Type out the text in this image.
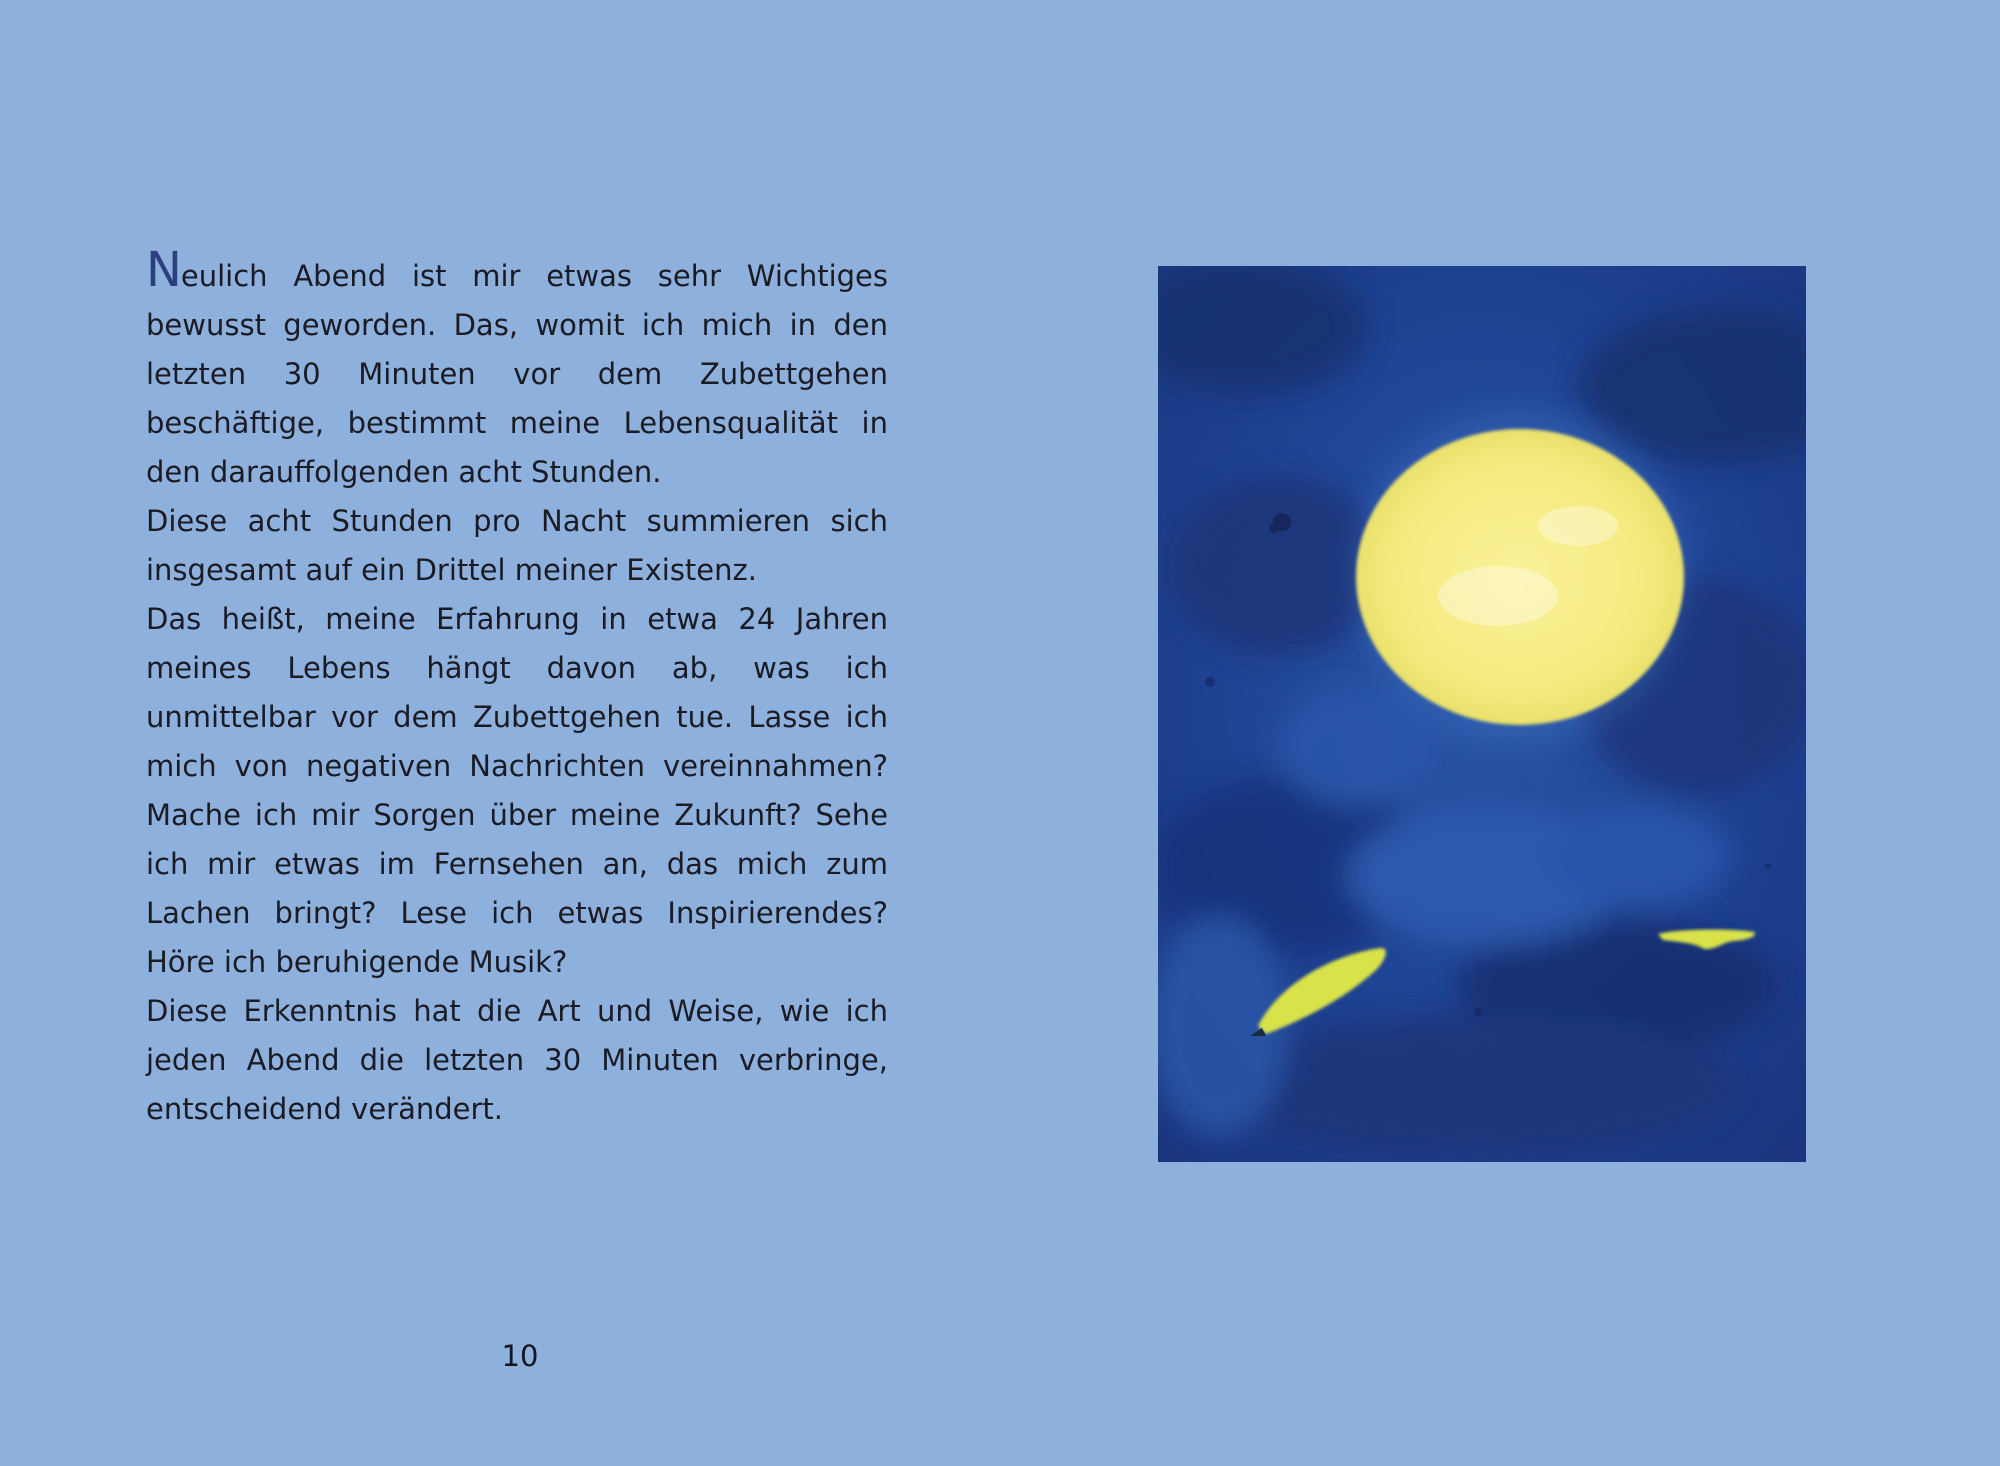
Neulich Abend ist mir etwas sehr Wichtiges bewusst geworden. Das, womit ich mich in den letzten 30 Minuten vor dem Zubettgehen beschäftige, bestimmt meine Lebensqualität in den darauffolgenden acht Stunden.

Diese acht Stunden pro Nacht summieren sich insgesamt auf ein Drittel meiner Existenz.

Das heißt, meine Erfahrung in etwa 24 Jahren meines Lebens hängt davon ab, was ich unmittelbar vor dem Zubettgehen tue. Lasse ich mich von negativen Nachrichten vereinnahmen? Mache ich mir Sorgen über meine Zukunft? Sehe ich mir etwas im Fernsehen an, das mich zum Lachen bringt? Lese ich etwas Inspirierendes? Höre ich beruhigende Musik?

Diese Erkenntnis hat die Art und Weise, wie ich jeden Abend die letzten 30 Minuten verbringe, entscheidend verändert.

10
